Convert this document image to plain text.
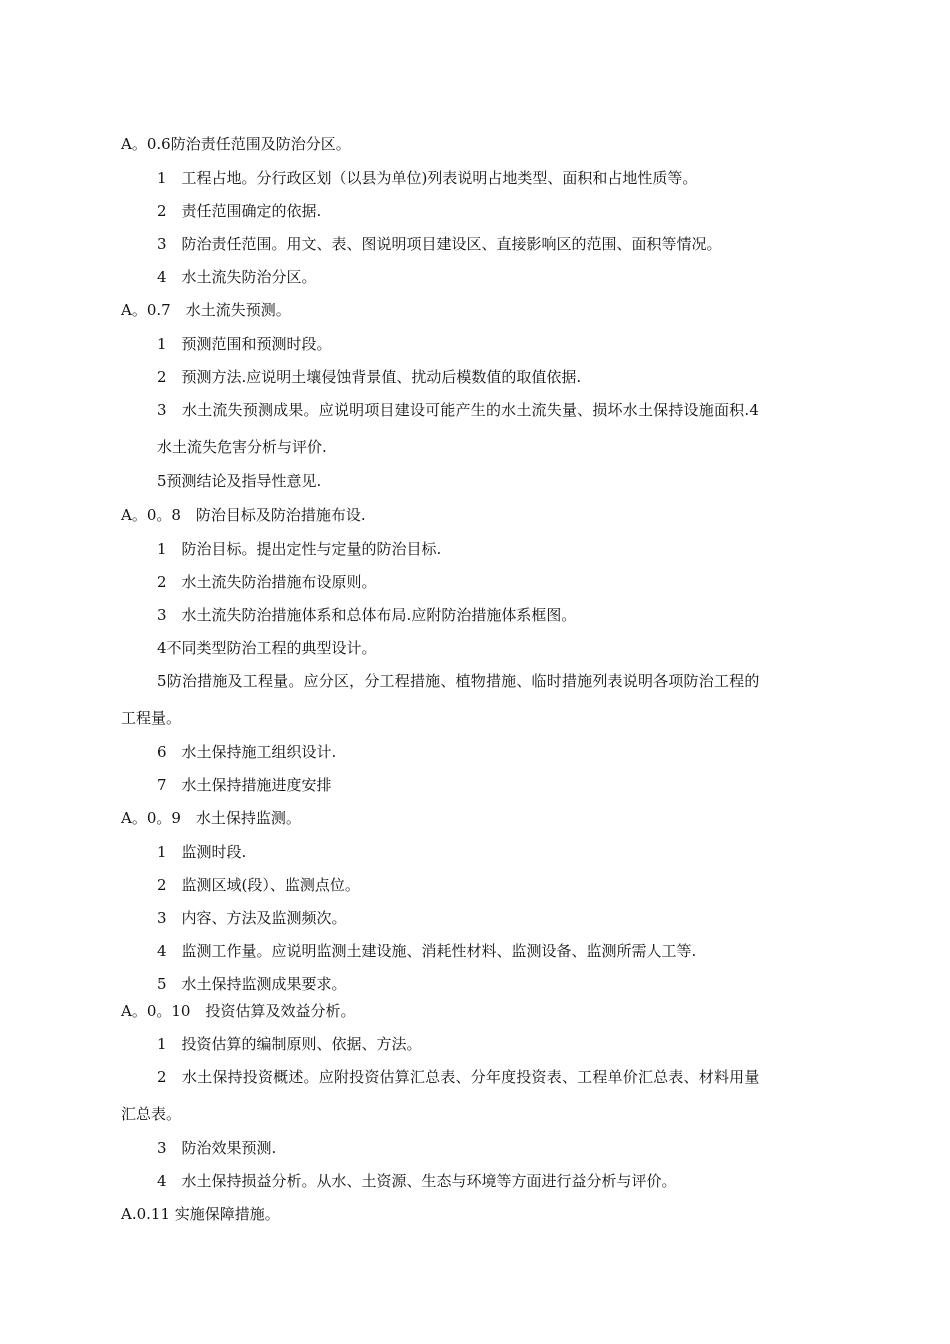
A。0.6防治责任范围及防治分区。
1　工程占地。分行政区划（以县为单位)列表说明占地类型、面积和占地性质等。
2　责任范围确定的依据.
3　防治责任范围。用文、表、图说明项目建设区、直接影响区的范围、面积等情况。
4　水土流失防治分区。
A。0.7　水土流失预测。
1　预测范围和预测时段。
2　预测方法.应说明土壤侵蚀背景值、扰动后模数值的取值依据.
3　水土流失预测成果。应说明项目建设可能产生的水土流失量、损坏水土保持设施面积.4
水土流失危害分析与评价.
5预测结论及指导性意见.
A。0。8　防治目标及防治措施布设.
1　防治目标。提出定性与定量的防治目标.
2　水土流失防治措施布设原则。
3　水土流失防治措施体系和总体布局.应附防治措施体系框图。
4不同类型防治工程的典型设计。
5防治措施及工程量。应分区，分工程措施、植物措施、临时措施列表说明各项防治工程的
工程量。
6　水土保持施工组织设计.
7　水土保持措施进度安排
A。0。9　水土保持监测。
1　监测时段.
2　监测区域(段）、监测点位。
3　内容、方法及监测频次。
4　监测工作量。应说明监测土建设施、消耗性材料、监测设备、监测所需人工等.
5　水土保持监测成果要求。
A。0。10　投资估算及效益分析。
1　投资估算的编制原则、依据、方法。
2　水土保持投资概述。应附投资估算汇总表、分年度投资表、工程单价汇总表、材料用量
汇总表。
3　防治效果预测.
4　水土保持损益分析。从水、土资源、生态与环境等方面进行益分析与评价。
A.0.11 实施保障措施。
